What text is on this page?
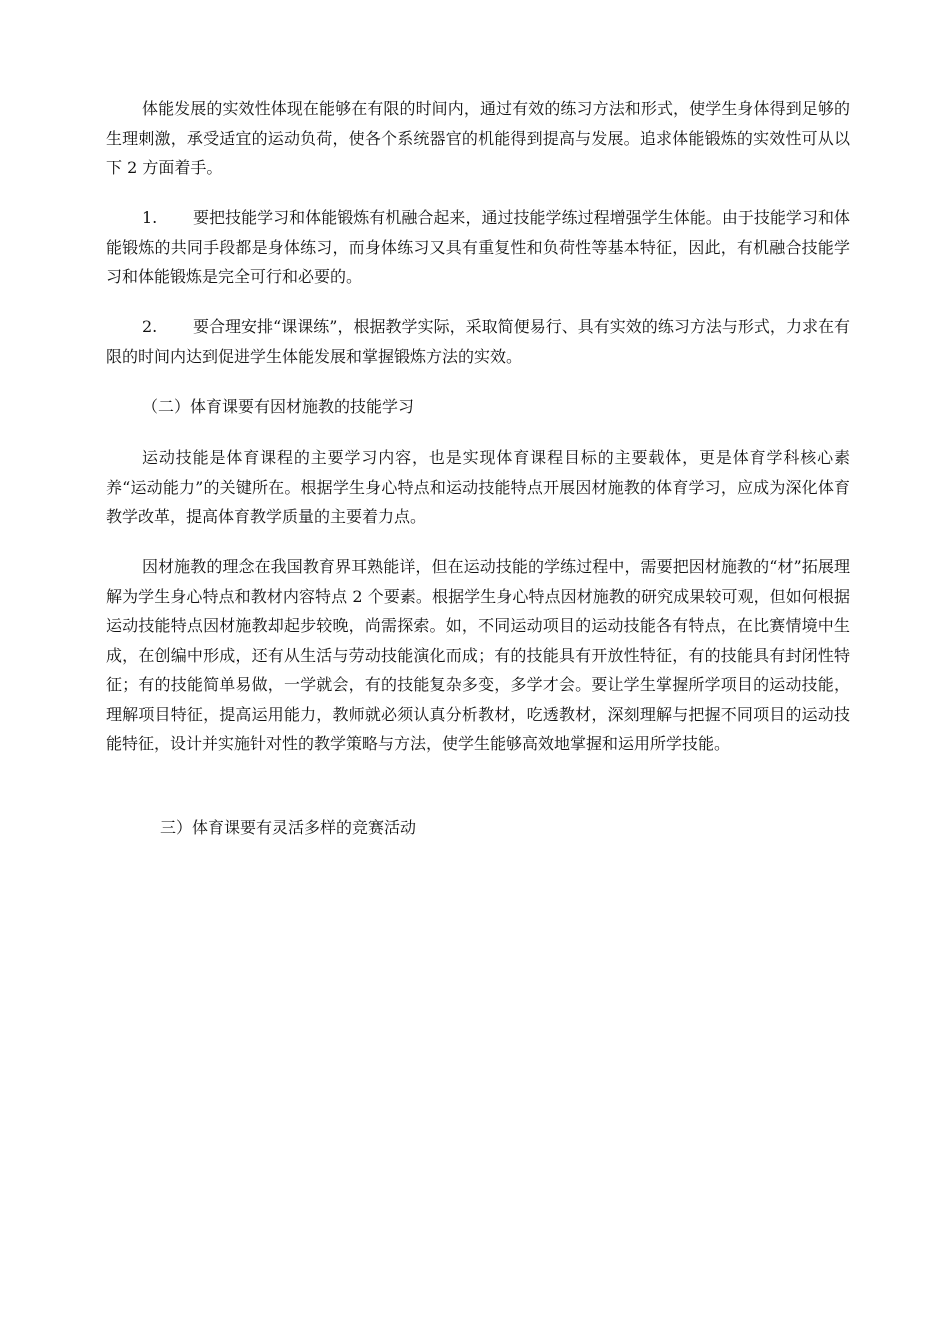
体能发展的实效性体现在能够在有限的时间内，通过有效的练习方法和形式，使学生身体得到足够的生理刺激，承受适宜的运动负荷，使各个系统器官的机能得到提高与发展。追求体能锻炼的实效性可从以下 2 方面着手。

1.       要把技能学习和体能锻炼有机融合起来，通过技能学练过程增强学生体能。由于技能学习和体能锻炼的共同手段都是身体练习，而身体练习又具有重复性和负荷性等基本特征，因此，有机融合技能学习和体能锻炼是完全可行和必要的。

2.       要合理安排“课课练”，根据教学实际，采取简便易行、具有实效的练习方法与形式，力求在有限的时间内达到促进学生体能发展和掌握锻炼方法的实效。

（二）体育课要有因材施教的技能学习

运动技能是体育课程的主要学习内容，也是实现体育课程目标的主要载体，更是体育学科核心素养“运动能力”的关键所在。根据学生身心特点和运动技能特点开展因材施教的体育学习，应成为深化体育教学改革，提高体育教学质量的主要着力点。

因材施教的理念在我国教育界耳熟能详，但在运动技能的学练过程中，需要把因材施教的“材”拓展理解为学生身心特点和教材内容特点 2 个要素。根据学生身心特点因材施教的研究成果较可观，但如何根据运动技能特点因材施教却起步较晚，尚需探索。如，不同运动项目的运动技能各有特点，在比赛情境中生成，在创编中形成，还有从生活与劳动技能演化而成；有的技能具有开放性特征，有的技能具有封闭性特征；有的技能简单易做，一学就会，有的技能复杂多变，多学才会。要让学生掌握所学项目的运动技能，理解项目特征，提高运用能力，教师就必须认真分析教材，吃透教材，深刻理解与把握不同项目的运动技能特征，设计并实施针对性的教学策略与方法，使学生能够高效地掌握和运用所学技能。

三）体育课要有灵活多样的竞赛活动
